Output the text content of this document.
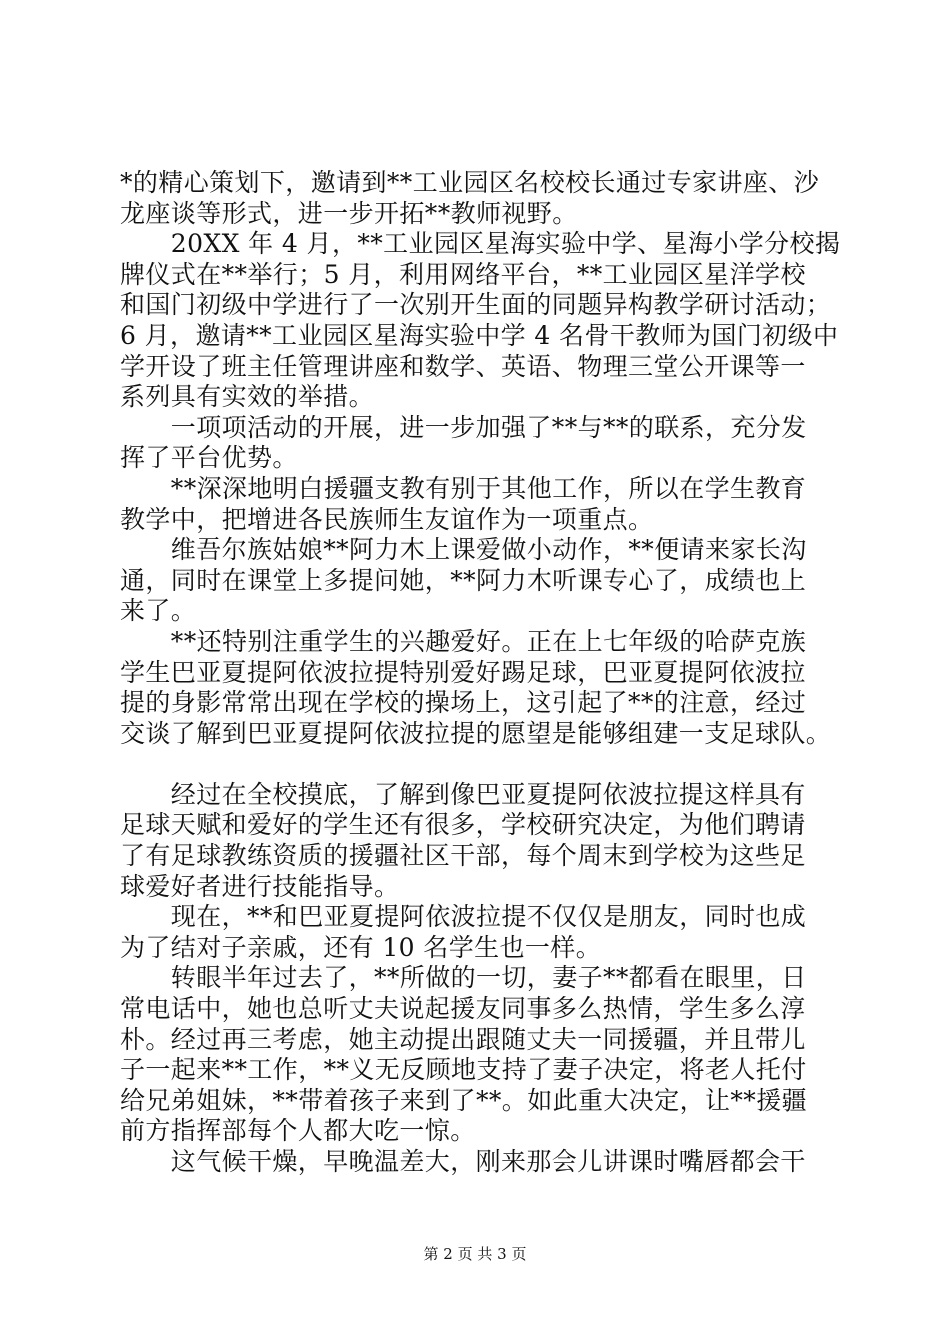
*的精心策划下，邀请到**工业园区名校校长通过专家讲座、沙
龙座谈等形式，进一步开拓**教师视野。
　　20XX 年 4 月，**工业园区星海实验中学、星海小学分校揭
牌仪式在**举行；5 月，利用网络平台，**工业园区星洋学校
和国门初级中学进行了一次别开生面的同题异构教学研讨活动；
6 月，邀请**工业园区星海实验中学 4 名骨干教师为国门初级中
学开设了班主任管理讲座和数学、英语、物理三堂公开课等一
系列具有实效的举措。
　　一项项活动的开展，进一步加强了**与**的联系，充分发
挥了平台优势。
　　**深深地明白援疆支教有别于其他工作，所以在学生教育
教学中，把增进各民族师生友谊作为一项重点。
　　维吾尔族姑娘**阿力木上课爱做小动作，**便请来家长沟
通，同时在课堂上多提问她，**阿力木听课专心了，成绩也上
来了。
　　**还特别注重学生的兴趣爱好。正在上七年级的哈萨克族
学生巴亚夏提阿依波拉提特别爱好踢足球，巴亚夏提阿依波拉
提的身影常常出现在学校的操场上，这引起了**的注意，经过
交谈了解到巴亚夏提阿依波拉提的愿望是能够组建一支足球队。
　　经过在全校摸底，了解到像巴亚夏提阿依波拉提这样具有
足球天赋和爱好的学生还有很多，学校研究决定，为他们聘请
了有足球教练资质的援疆社区干部，每个周末到学校为这些足
球爱好者进行技能指导。
　　现在，**和巴亚夏提阿依波拉提不仅仅是朋友，同时也成
为了结对子亲戚，还有 10 名学生也一样。
　　转眼半年过去了，**所做的一切，妻子**都看在眼里，日
常电话中，她也总听丈夫说起援友同事多么热情，学生多么淳
朴。经过再三考虑，她主动提出跟随丈夫一同援疆，并且带儿
子一起来**工作，**义无反顾地支持了妻子决定，将老人托付
给兄弟姐妹，**带着孩子来到了**。如此重大决定，让**援疆
前方指挥部每个人都大吃一惊。
　　这气候干燥，早晚温差大，刚来那会儿讲课时嘴唇都会干
第 2 页 共 3 页
